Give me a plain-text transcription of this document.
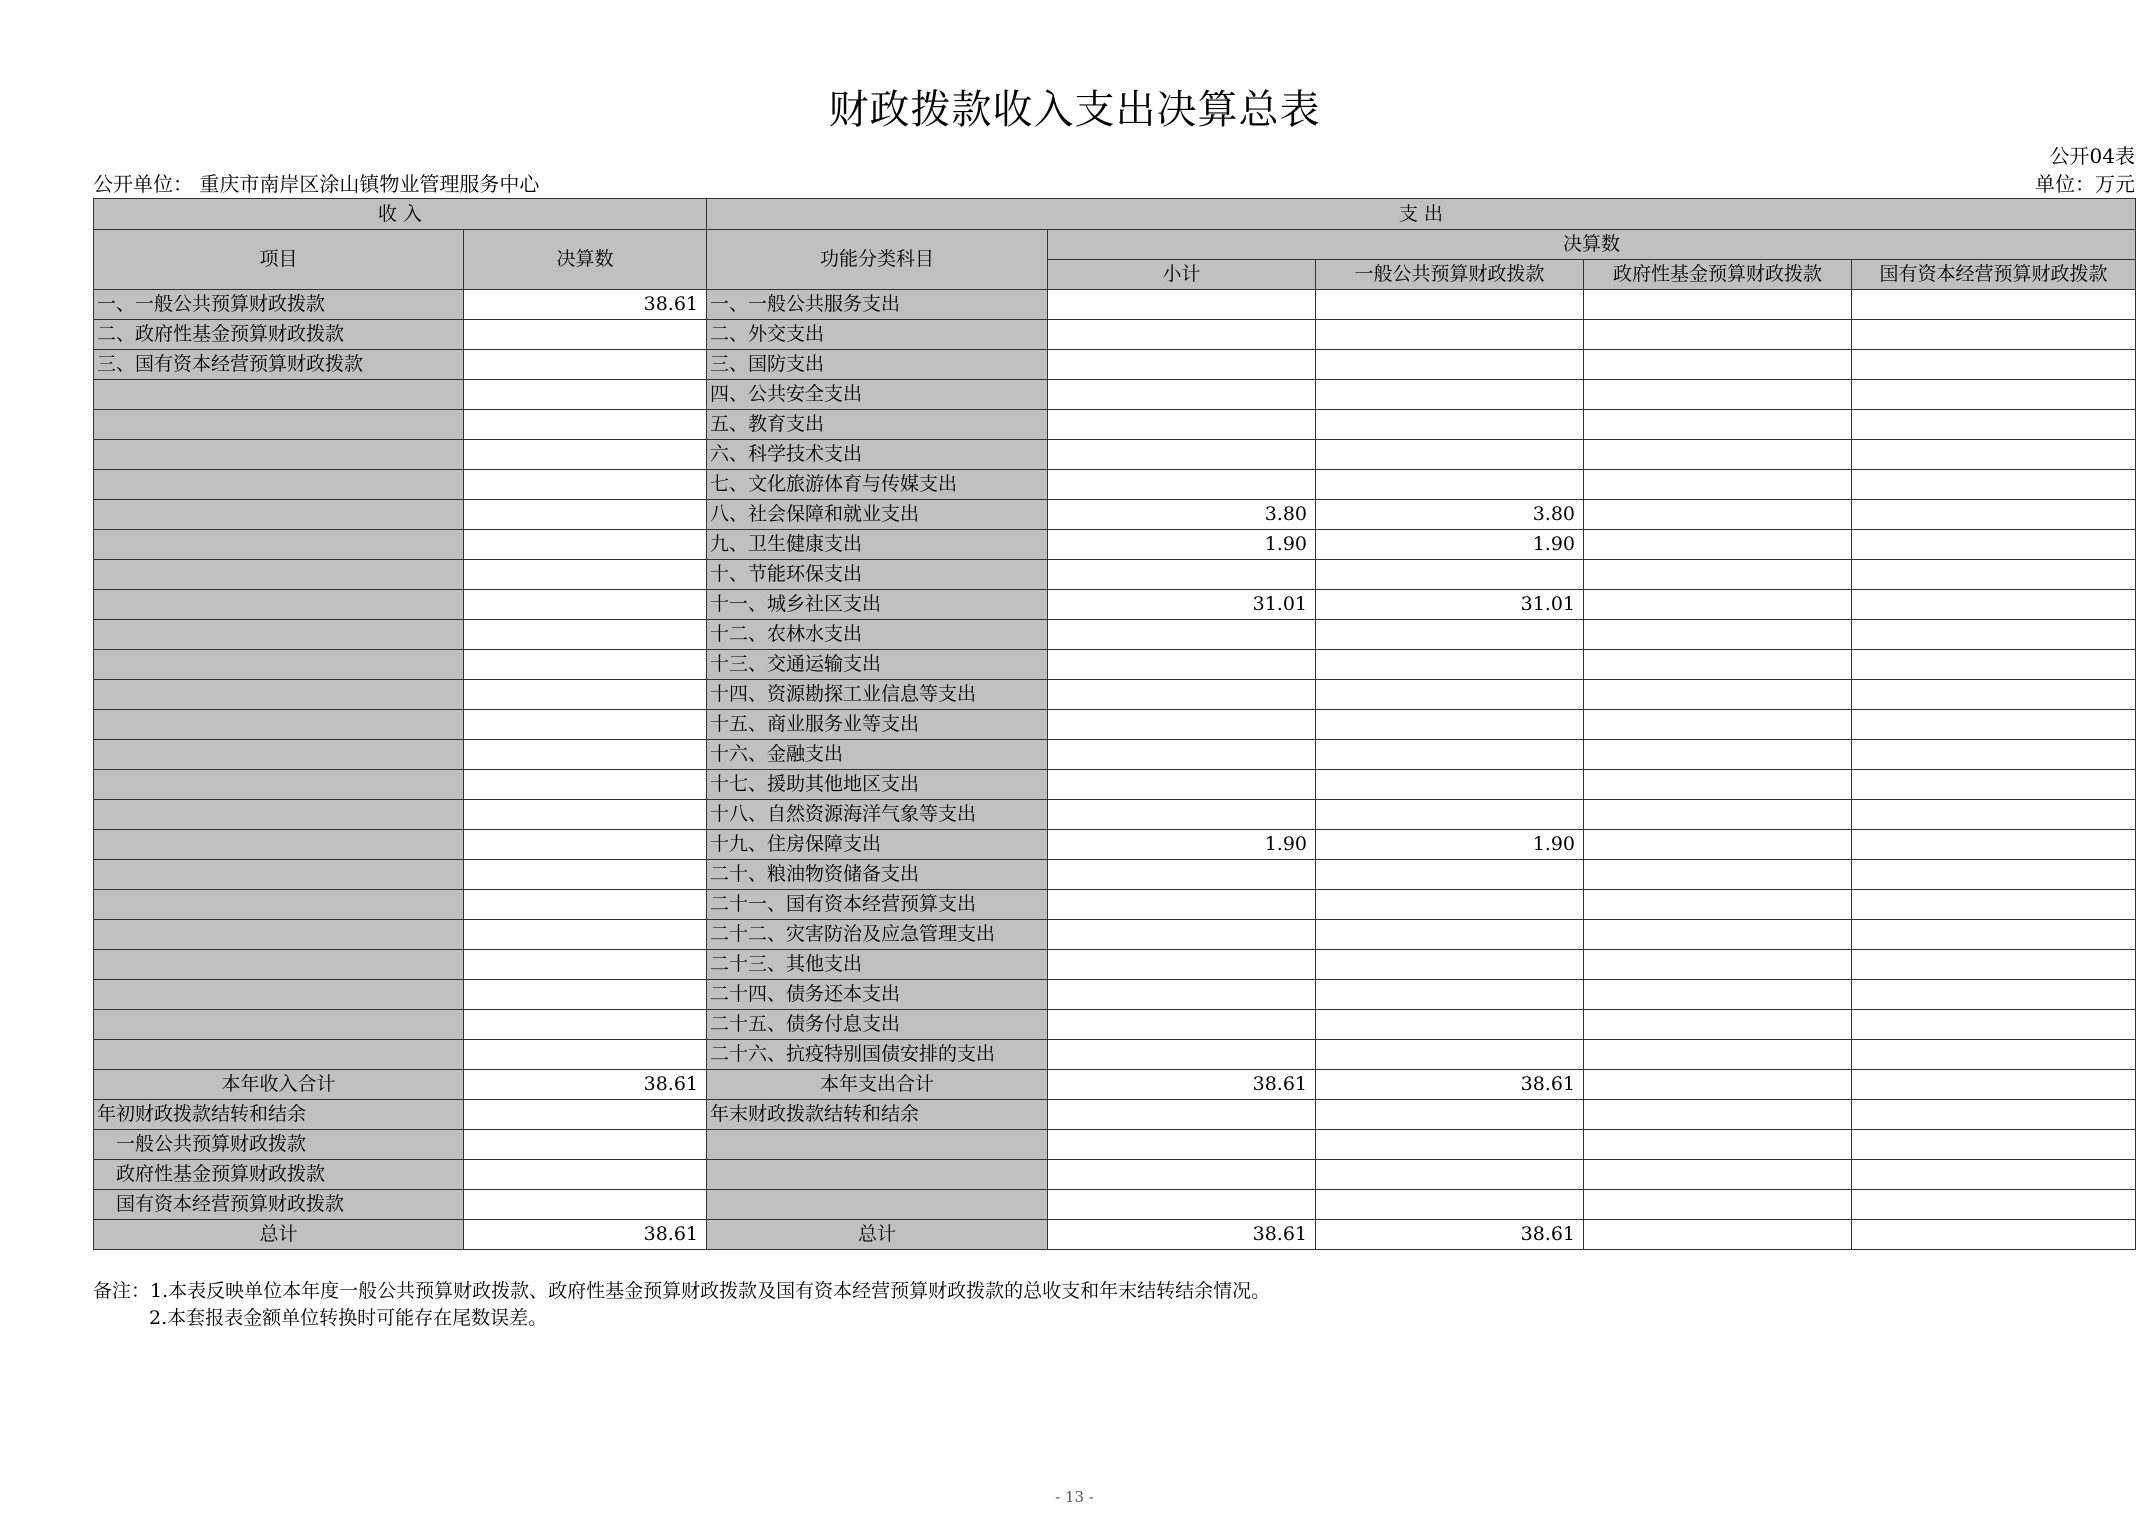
财政拨款收入支出决算总表
公开04表
公开单位： 重庆市南岸区涂山镇物业管理服务中心	单位：万元
收 入		支 出				
项目	决算数	功能分类科目	决算数			
			小计	一般公共预算财政拨款	政府性基金预算财政拨款	国有资本经营预算财政拨款
一、一般公共预算财政拨款	38.61	一、一般公共服务支出				
二、政府性基金预算财政拨款		二、外交支出				
三、国有资本经营预算财政拨款		三、国防支出				
		四、公共安全支出				
		五、教育支出				
		六、科学技术支出				
		七、文化旅游体育与传媒支出				
		八、社会保障和就业支出	3.80	3.80		
		九、卫生健康支出	1.90	1.90		
		十、节能环保支出				
		十一、城乡社区支出	31.01	31.01		
		十二、农林水支出				
		十三、交通运输支出				
		十四、资源勘探工业信息等支出				
		十五、商业服务业等支出				
		十六、金融支出				
		十七、援助其他地区支出				
		十八、自然资源海洋气象等支出				
		十九、住房保障支出	1.90	1.90		
		二十、粮油物资储备支出				
		二十一、国有资本经营预算支出				
		二十二、灾害防治及应急管理支出				
		二十三、其他支出				
		二十四、债务还本支出				
		二十五、债务付息支出				
		二十六、抗疫特别国债安排的支出				
本年收入合计	38.61	本年支出合计	38.61	38.61		
年初财政拨款结转和结余		年末财政拨款结转和结余				
一般公共预算财政拨款						
政府性基金预算财政拨款						
国有资本经营预算财政拨款						
总计	38.61	总计	38.61	38.61		
备注：1.本表反映单位本年度一般公共预算财政拨款、政府性基金预算财政拨款及国有资本经营预算财政拨款的总收支和年末结转结余情况。
2.本套报表金额单位转换时可能存在尾数误差。
- 13 -
